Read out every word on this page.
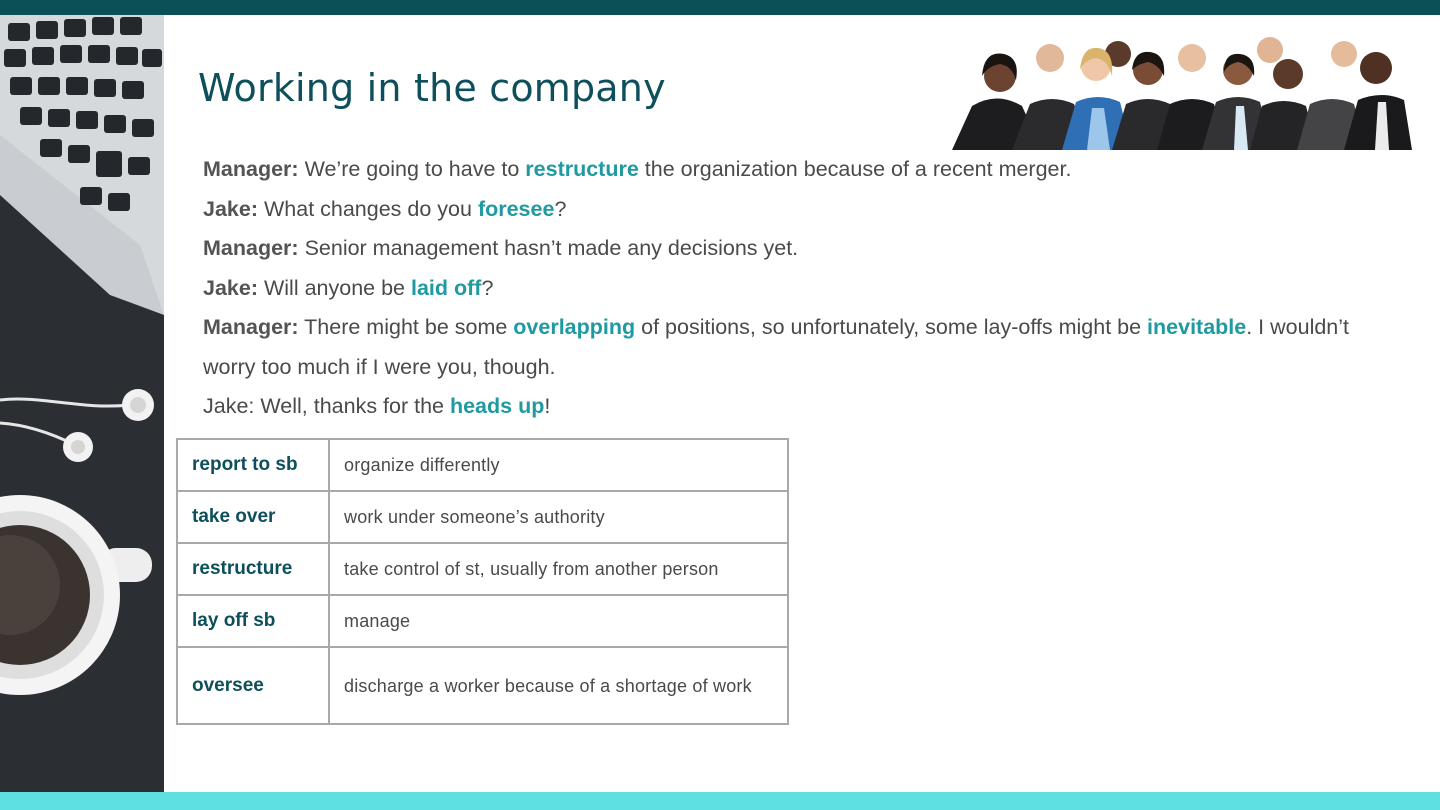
Working in the company

Manager: We’re going to have to restructure the organization because of a recent merger.

Jake: What changes do you foresee?

Manager: Senior management hasn’t made any decisions yet.

Jake: Will anyone be laid off?

Manager: There might be some overlapping of positions, so unfortunately, some lay-offs might be inevitable. I wouldn’t worry too much if I were you, though.

Jake: Well, thanks for the heads up!

report to sb	organize differently
take over	work under someone’s authority
restructure	take control of st, usually from another person
lay off sb	manage
oversee	discharge a worker because of a shortage of work
